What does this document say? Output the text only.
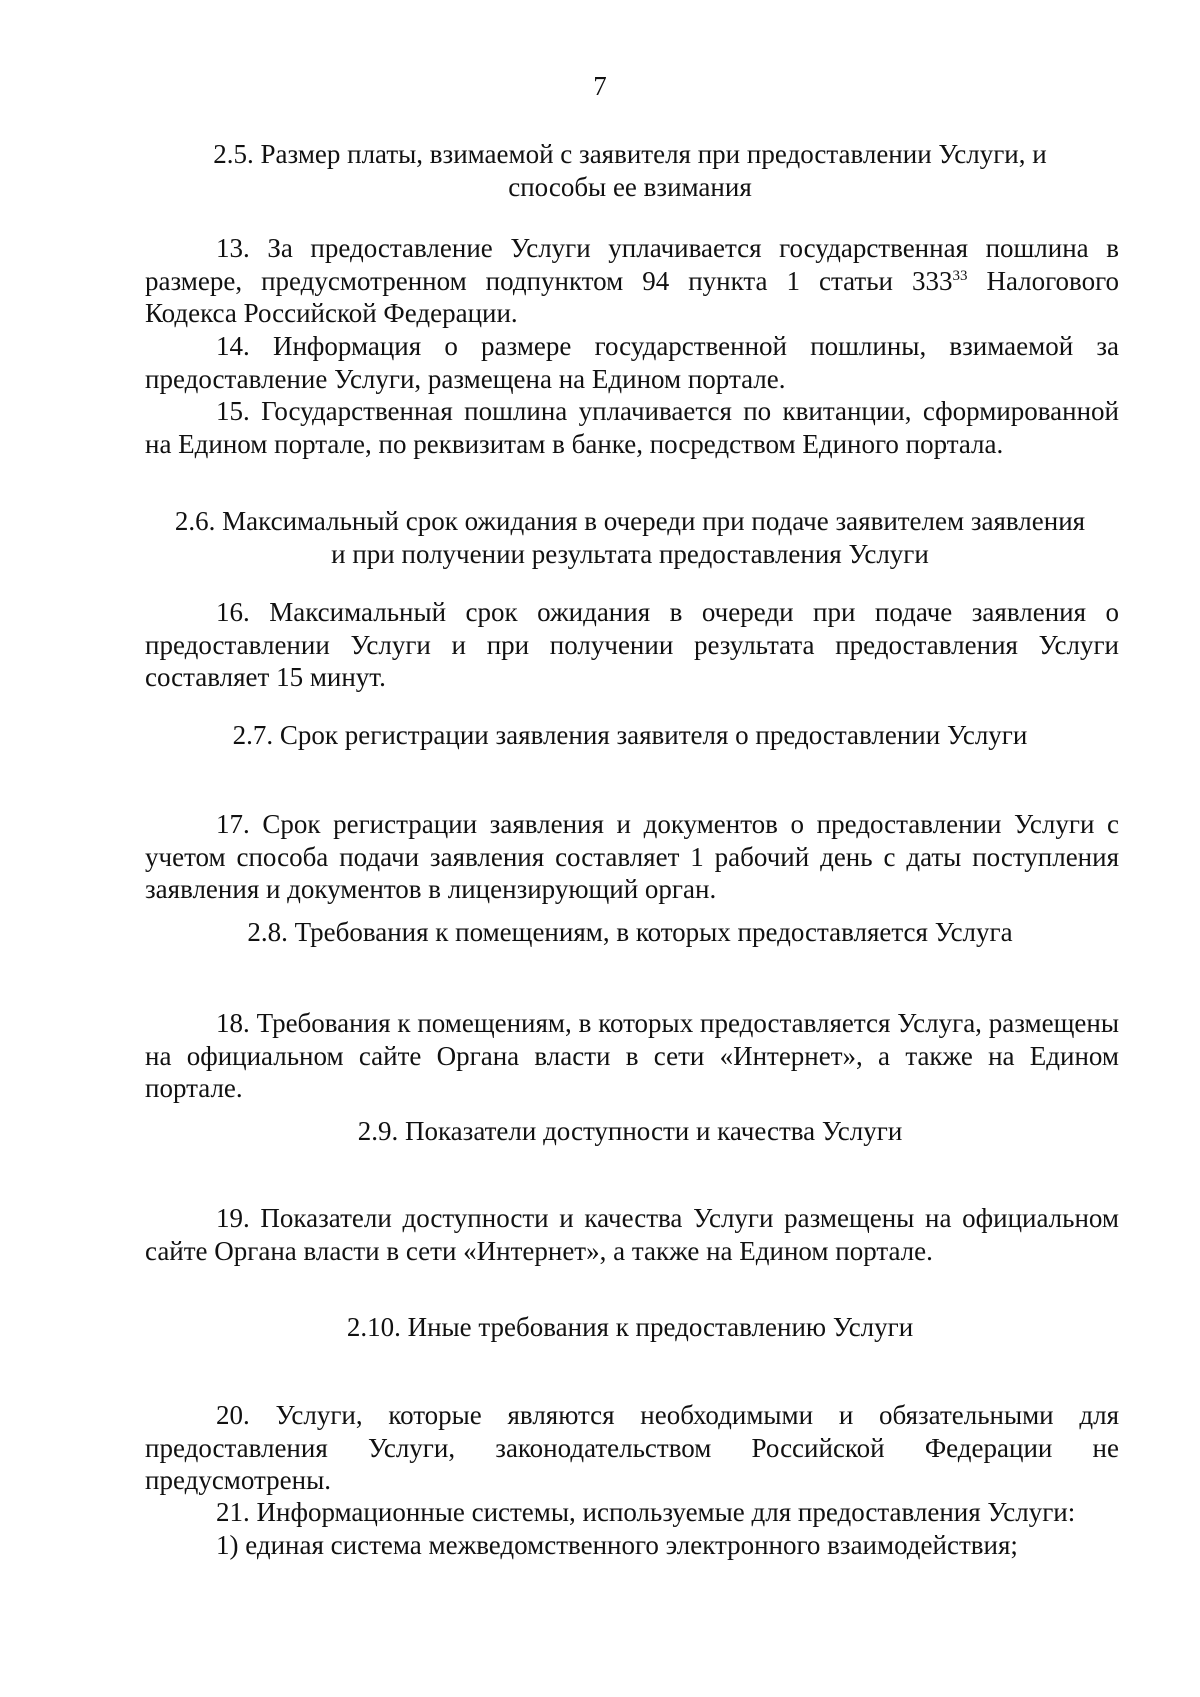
7
2.5. Размер платы, взимаемой с заявителя при предоставлении Услуги, и
способы ее взимания
13. За предоставление Услуги уплачивается государственная пошлина в размере, предусмотренном подпунктом 94 пункта 1 статьи $333^{33}$ Налогового Кодекса Российской Федерации.
14. Информация о размере государственной пошлины, взимаемой за предоставление Услуги, размещена на Едином портале.
15. Государственная пошлина уплачивается по квитанции, сформированной на Едином портале, по реквизитам в банке, посредством Единого портала.
2.6. Максимальный срок ожидания в очереди при подаче заявителем заявления
и при получении результата предоставления Услуги
16. Максимальный срок ожидания в очереди при подаче заявления о предоставлении Услуги и при получении результата предоставления Услуги составляет 15 минут.
2.7. Срок регистрации заявления заявителя о предоставлении Услуги
17. Срок регистрации заявления и документов о предоставлении Услуги с учетом способа подачи заявления составляет 1 рабочий день с даты поступления заявления и документов в лицензирующий орган.
2.8. Требования к помещениям, в которых предоставляется Услуга
18. Требования к помещениям, в которых предоставляется Услуга, размещены на официальном сайте Органа власти в сети «Интернет», а также на Едином портале.
2.9. Показатели доступности и качества Услуги
19. Показатели доступности и качества Услуги размещены на официальном сайте Органа власти в сети «Интернет», а также на Едином портале.
2.10. Иные требования к предоставлению Услуги
20. Услуги, которые являются необходимыми и обязательными для предоставления Услуги, законодательством Российской Федерации не предусмотрены.
21. Информационные системы, используемые для предоставления Услуги:
1) единая система межведомственного электронного взаимодействия;
